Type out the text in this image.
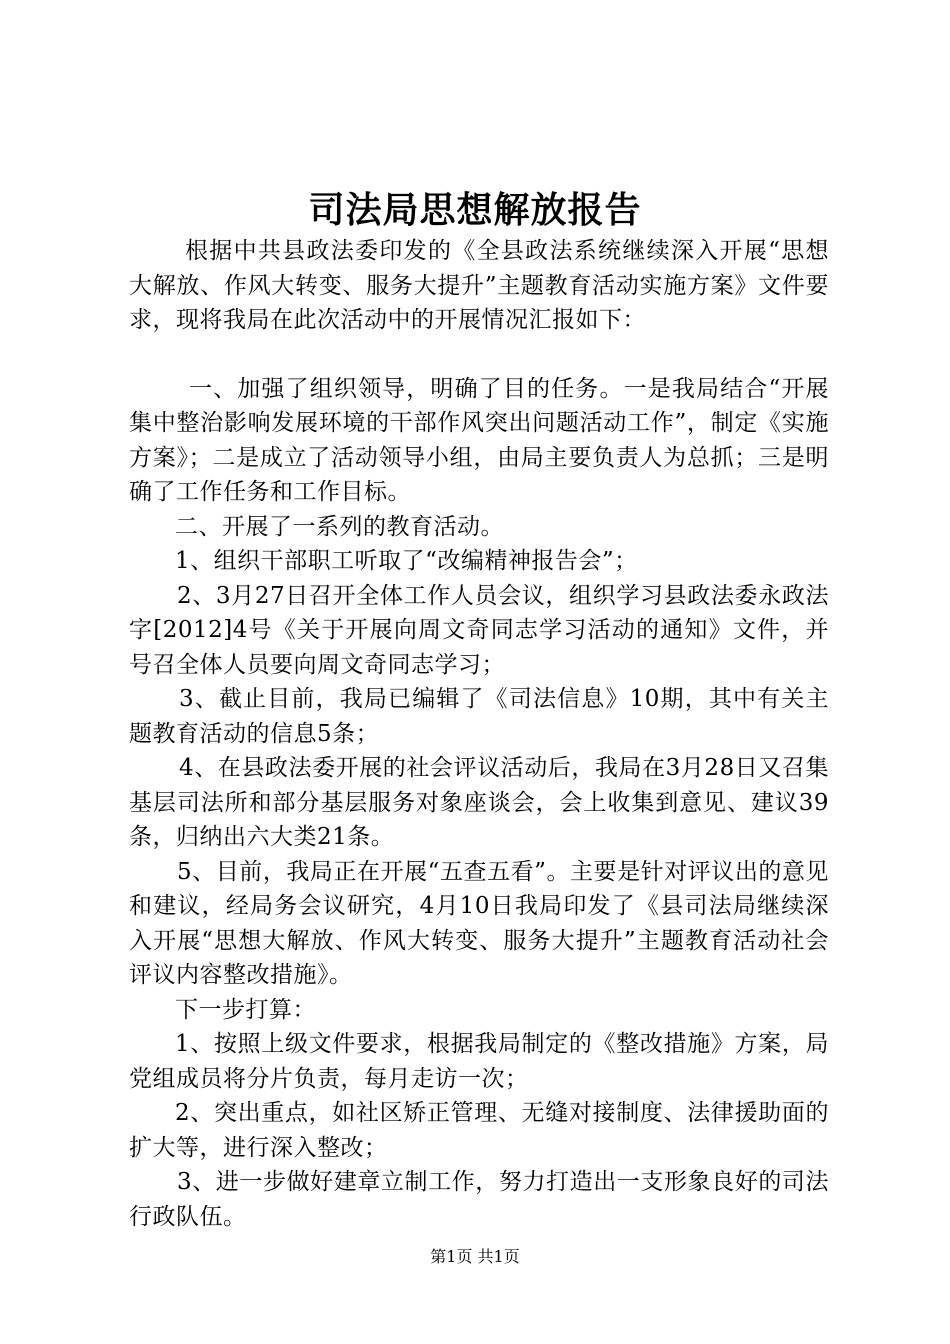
司法局思想解放报告

根据中共县政法委印发的《全县政法系统继续深入开展“思想大解放、作风大转变、服务大提升”主题教育活动实施方案》文件要求，现将我局在此次活动中的开展情况汇报如下：

一、加强了组织领导，明确了目的任务。一是我局结合“开展集中整治影响发展环境的干部作风突出问题活动工作”，制定《实施方案》；二是成立了活动领导小组，由局主要负责人为总抓；三是明确了工作任务和工作目标。

二、开展了一系列的教育活动。

1、组织干部职工听取了“改编精神报告会”；

2、3月27日召开全体工作人员会议，组织学习县政法委永政法字[2012]4号《关于开展向周文奇同志学习活动的通知》文件，并号召全体人员要向周文奇同志学习；

3、截止目前，我局已编辑了《司法信息》10期，其中有关主题教育活动的信息5条；

4、在县政法委开展的社会评议活动后，我局在3月28日又召集基层司法所和部分基层服务对象座谈会，会上收集到意见、建议39条，归纳出六大类21条。

5、目前，我局正在开展“五查五看”。主要是针对评议出的意见和建议，经局务会议研究，4月10日我局印发了《县司法局继续深入开展“思想大解放、作风大转变、服务大提升”主题教育活动社会评议内容整改措施》。

下一步打算：

1、按照上级文件要求，根据我局制定的《整改措施》方案，局党组成员将分片负责，每月走访一次；

2、突出重点，如社区矫正管理、无缝对接制度、法律援助面的扩大等，进行深入整改；

3、进一步做好建章立制工作，努力打造出一支形象良好的司法行政队伍。

第1页 共1页
